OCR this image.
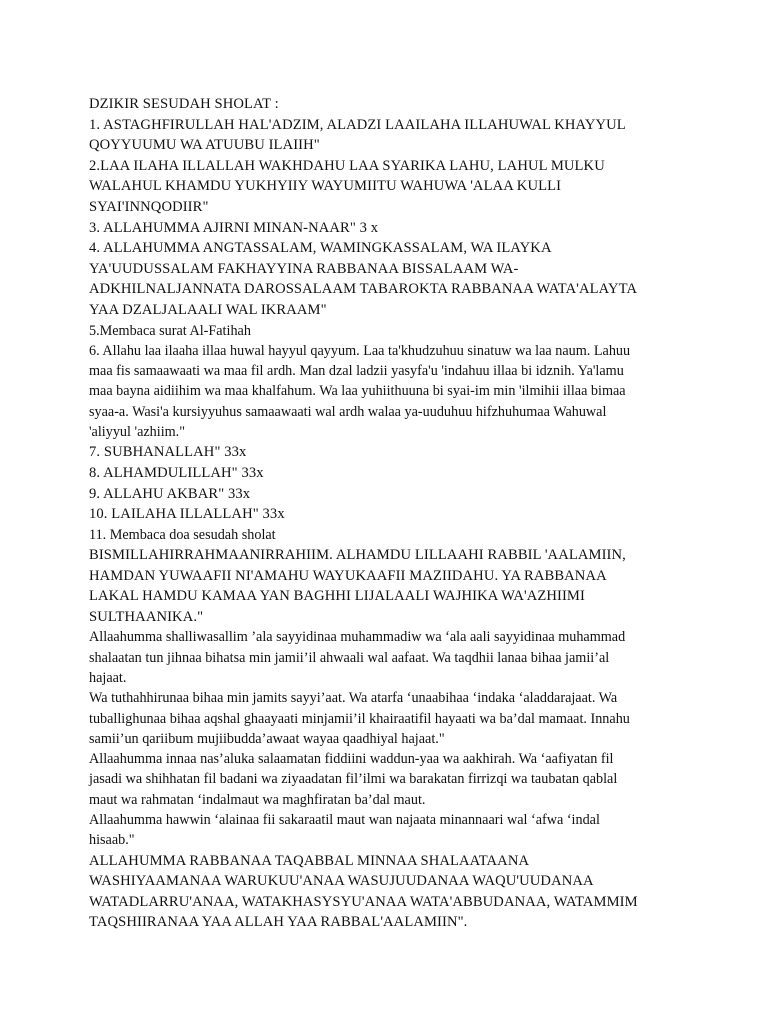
DZIKIR SESUDAH SHOLAT :

1. ASTAGHFIRULLAH HAL'ADZIM, ALADZI LAAILAHA ILLAHUWAL KHAYYUL

QOYYUUMU WA ATUUBU ILAIIH"

2.LAA ILAHA ILLALLAH WAKHDAHU LAA SYARIKA LAHU, LAHUL MULKU

WALAHUL KHAMDU YUKHYIIY WAYUMIITU WAHUWA 'ALAA KULLI

SYAI'INNQODIIR"

3. ALLAHUMMA AJIRNI MINAN-NAAR" 3 x

4. ALLAHUMMA ANGTASSALAM, WAMINGKASSALAM, WA ILAYKA

YA'UUDUSSALAM FAKHAYYINA RABBANAA BISSALAAM WA-

ADKHILNALJANNATA DAROSSALAAM TABAROKTA RABBANAA WATA'ALAYTA

YAA DZALJALAALI WAL IKRAAM"

5.Membaca surat Al-Fatihah

6. Allahu laa ilaaha illaa huwal hayyul qayyum. Laa ta'khudzuhuu sinatuw wa laa naum. Lahuu

maa fis samaawaati wa maa fil ardh. Man dzal ladzii yasyfa'u 'indahuu illaa bi idznih. Ya'lamu

maa bayna aidiihim wa maa khalfahum. Wa laa yuhiithuuna bi syai-im min 'ilmihii illaa bimaa

syaa-a. Wasi'a kursiyyuhus samaawaati wal ardh walaa ya-uuduhuu hifzhuhumaa Wahuwal

'aliyyul 'azhiim."

7. SUBHANALLAH" 33x

8. ALHAMDULILLAH" 33x

9. ALLAHU AKBAR" 33x

10. LAILAHA ILLALLAH" 33x

11. Membaca doa sesudah sholat

BISMILLAHIRRAHMAANIRRAHIIM. ALHAMDU LILLAAHI RABBIL 'AALAMIIN,

HAMDAN YUWAAFII NI'AMAHU WAYUKAAFII MAZIIDAHU. YA RABBANAA

LAKAL HAMDU KAMAA YAN BAGHHI LIJALAALI WAJHIKA WA'AZHIIMI

SULTHAANIKA."

Allaahumma shalliwasallim ’ala sayyidinaa muhammadiw wa ‘ala aali sayyidinaa muhammad

shalaatan tun jihnaa bihatsa min jamii’il ahwaali wal aafaat. Wa taqdhii lanaa bihaa jamii’al

hajaat.

Wa tuthahhirunaa bihaa min jamits sayyi’aat. Wa atarfa ‘unaabihaa ‘indaka ‘aladdarajaat. Wa

tuballighunaa bihaa aqshal ghaayaati minjamii’il khairaatifil hayaati wa ba’dal mamaat. Innahu

samii’un qariibum mujiibudda’awaat wayaa qaadhiyal hajaat."

Allaahumma innaa nas’aluka salaamatan fiddiini waddun-yaa wa aakhirah. Wa ‘aafiyatan fil

jasadi wa shihhatan fil badani wa ziyaadatan fil’ilmi wa barakatan firrizqi wa taubatan qablal

maut wa rahmatan ‘indalmaut wa maghfiratan ba’dal maut.

Allaahumma hawwin ‘alainaa fii sakaraatil maut wan najaata minannaari wal ‘afwa ‘indal

hisaab."

ALLAHUMMA RABBANAA TAQABBAL MINNAA SHALAATAANA

WASHIYAAMANAA WARUKUU'ANAA WASUJUUDANAA WAQU'UUDANAA

WATADLARRU'ANAA, WATAKHASYSYU'ANAA WATA'ABBUDANAA, WATAMMIM

TAQSHIIRANAA YAA ALLAH YAA RABBAL'AALAMIIN".
